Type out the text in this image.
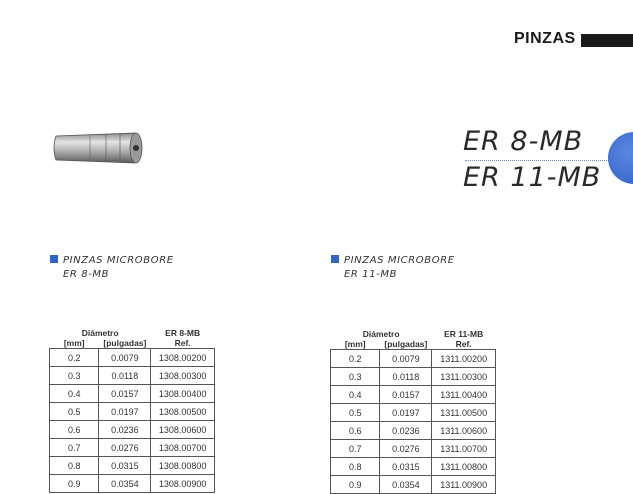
PINZAS
ER 8-MB
ER 11-MB
PINZAS MICROBORE
ER 8-MB
PINZAS MICROBORE
ER 11-MB
Diámetro		ER 8-MB
[mm]	[pulgadas]	Ref.
0.2	0.0079	1308.00200
0.3	0.0118	1308.00300
0.4	0.0157	1308.00400
0.5	0.0197	1308.00500
0.6	0.0236	1308.00600
0.7	0.0276	1308.00700
0.8	0.0315	1308.00800
0.9	0.0354	1308.00900
Diámetro		ER 11-MB
[mm]	[pulgadas]	Ref.
0.2	0.0079	1311.00200
0.3	0.0118	1311.00300
0.4	0.0157	1311.00400
0.5	0.0197	1311.00500
0.6	0.0236	1311.00600
0.7	0.0276	1311.00700
0.8	0.0315	1311.00800
0.9	0.0354	1311.00900
